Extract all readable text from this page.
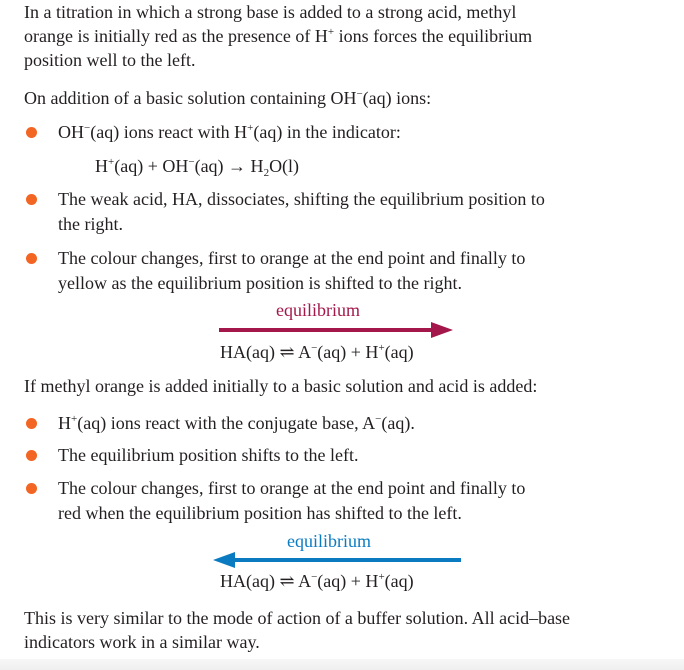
In a titration in which a strong base is added to a strong acid, methyl
orange is initially red as the presence of H+ ions forces the equilibrium
position well to the left.
On addition of a basic solution containing OH−(aq) ions:
OH−(aq) ions react with H+(aq) in the indicator:
$H^+(aq) + OH^-(aq) \to H_2O(l)$
The weak acid, HA, dissociates, shifting the equilibrium position to
the right.
The colour changes, first to orange at the end point and finally to
yellow as the equilibrium position is shifted to the right.
equilibrium
HA(aq) ⇌ A−(aq) + H+(aq)
If methyl orange is added initially to a basic solution and acid is added:
H+(aq) ions react with the conjugate base, A−(aq).
The equilibrium position shifts to the left.
The colour changes, first to orange at the end point and finally to
red when the equilibrium position has shifted to the left.
equilibrium
HA(aq) ⇌ A−(aq) + H+(aq)
This is very similar to the mode of action of a buffer solution. All acid–base
indicators work in a similar way.
